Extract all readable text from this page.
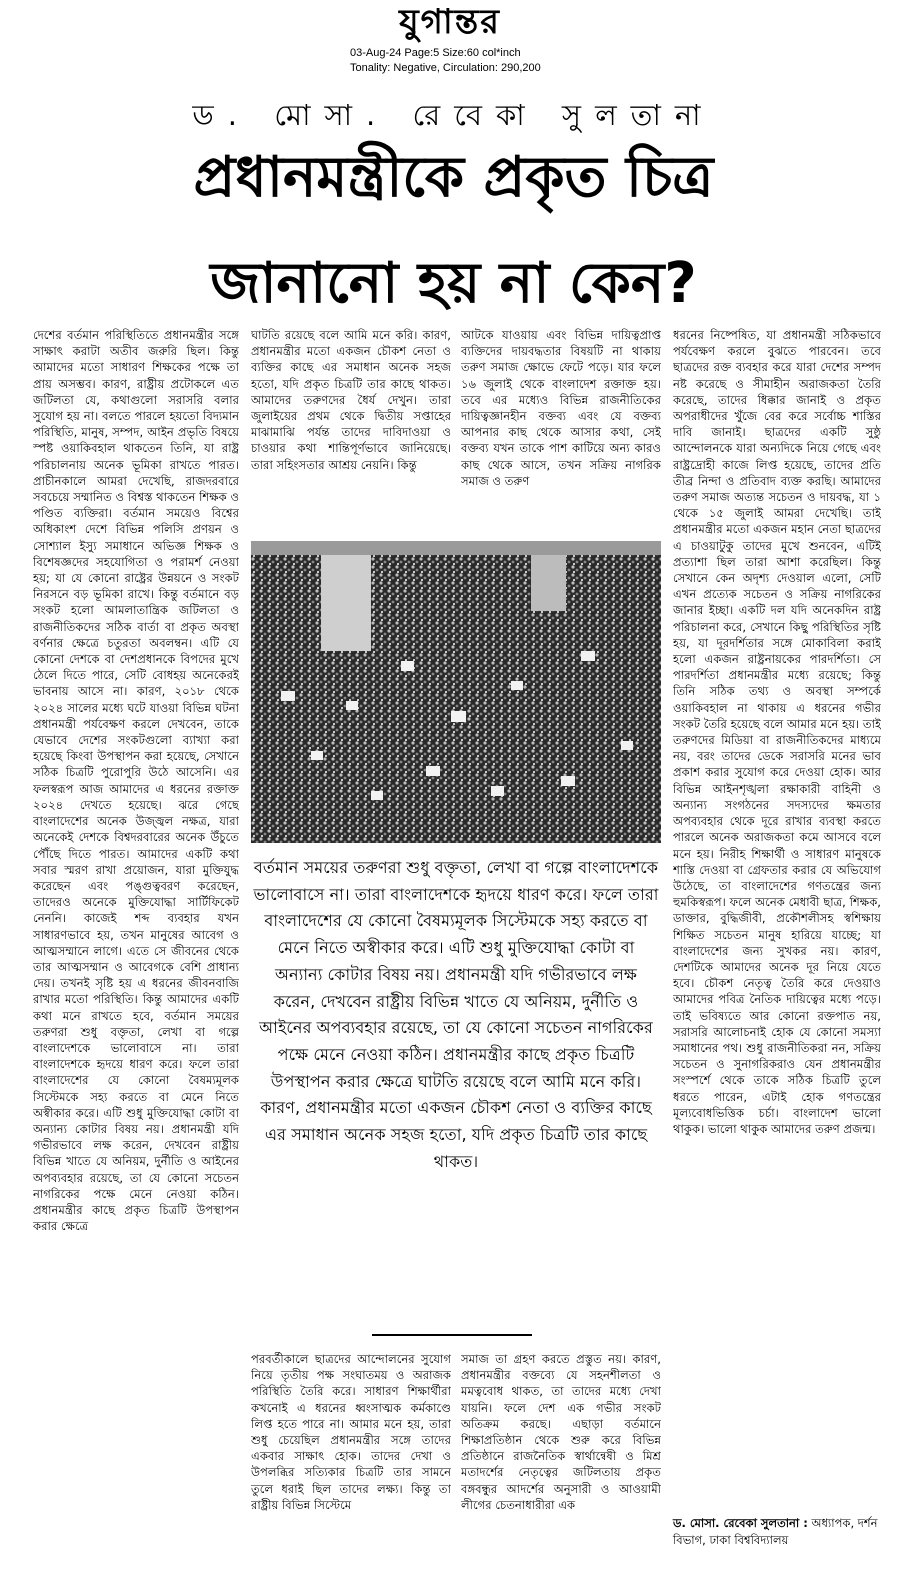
যুগান্তর
03-Aug-24 Page:5 Size:60 col*inch
Tonality: Negative, Circulation: 290,200
ড. মোসা. রেবেকা সুলতানা
প্রধানমন্ত্রীকে প্রকৃত চিত্র
জানানো হয় না কেন?

দেশের বর্তমান পরিস্থিতিতে প্রধানমন্ত্রীর সঙ্গে সাক্ষাৎ করাটা অতীব জরুরি ছিল। কিন্তু আমাদের মতো সাধারণ শিক্ষকের পক্ষে তা প্রায় অসম্ভব। কারণ, রাষ্ট্রীয় প্রটোকলে এত জটিলতা যে, কথাগুলো সরাসরি বলার সুযোগ হয় না। বলতে পারলে হয়তো বিদ্যমান পরিস্থিতি, মানুষ, সম্পদ, আইন প্রভৃতি বিষয়ে স্পষ্ট ওয়াকিবহাল থাকতেন তিনি, যা রাষ্ট্র পরিচালনায় অনেক ভূমিকা রাখতে পারত। প্রাচীনকালে আমরা দেখেছি, রাজদরবারে সবচেয়ে সম্মানিত ও বিশ্বস্ত থাকতেন শিক্ষক ও পণ্ডিত ব্যক্তিরা। বর্তমান সময়েও বিশ্বের অধিকাংশ দেশে বিভিন্ন পলিসি প্রণয়ন ও সোশ্যাল ইস্যু সমাধানে অভিজ্ঞ শিক্ষক ও বিশেষজ্ঞদের সহযোগিতা ও পরামর্শ নেওয়া হয়; যা যে কোনো রাষ্ট্রের উন্নয়নে ও সংকট নিরসনে বড় ভূমিকা রাখে। কিন্তু বর্তমানে বড় সংকট হলো আমলাতান্ত্রিক জটিলতা ও রাজনীতিকদের সঠিক বার্তা বা প্রকৃত অবস্থা বর্ণনার ক্ষেত্রে চতুরতা অবলম্বন। এটি যে কোনো দেশকে বা দেশপ্রধানকে বিপদের মুখে ঠেলে দিতে পারে, সেটি বোধহয় অনেকেরই ভাবনায় আসে না। কারণ, ২০১৮ থেকে ২০২৪ সালের মধ্যে ঘটে যাওয়া বিভিন্ন ঘটনা প্রধানমন্ত্রী পর্যবেক্ষণ করলে দেখবেন, তাকে যেভাবে দেশের সংকটগুলো ব্যাখ্যা করা হয়েছে কিংবা উপস্থাপন করা হয়েছে, সেখানে সঠিক চিত্রটি পুরোপুরি উঠে আসেনি। এর ফলস্বরূপ আজ আমাদের এ ধরনের রক্তাক্ত ২০২৪ দেখতে হয়েছে। ঝরে গেছে বাংলাদেশের অনেক উজ্জ্বল নক্ষত্র, যারা অনেকেই দেশকে বিশ্বদরবারের অনেক উঁচুতে পৌঁছে দিতে পারত। আমাদের একটি কথা সবার স্মরণ রাখা প্রয়োজন, যারা মুক্তিযুদ্ধ করেছেন এবং পঙ্গুত্ববরণ করেছেন, তাদেরও অনেকে মুক্তিযোদ্ধা সার্টিফিকেট নেননি। কাজেই শব্দ ব্যবহার যখন সাধারণভাবে হয়, তখন মানুষের আবেগ ও আত্মসম্মানে লাগে। এতে সে জীবনের থেকে তার আত্মসম্মান ও আবেগকে বেশি প্রাধান্য দেয়। তখনই সৃষ্টি হয় এ ধরনের জীবনবাজি রাখার মতো পরিস্থিতি। কিন্তু আমাদের একটি কথা মনে রাখতে হবে, বর্তমান সময়ের তরুণরা শুধু বক্তৃতা, লেখা বা গল্পে বাংলাদেশকে ভালোবাসে না। তারা বাংলাদেশকে হৃদয়ে ধারণ করে। ফলে তারা বাংলাদেশের যে কোনো বৈষম্যমূলক সিস্টেমকে সহ্য করতে বা মেনে নিতে অস্বীকার করে। এটি শুধু মুক্তিযোদ্ধা কোটা বা অন্যান্য কোটার বিষয় নয়। প্রধানমন্ত্রী যদি গভীরভাবে লক্ষ করেন, দেখবেন রাষ্ট্রীয় বিভিন্ন খাতে যে অনিয়ম, দুর্নীতি ও আইনের অপব্যবহার রয়েছে, তা যে কোনো সচেতন নাগরিকের পক্ষে মেনে নেওয়া কঠিন। প্রধানমন্ত্রীর কাছে প্রকৃত চিত্রটি উপস্থাপন করার ক্ষেত্রে

ঘাটতি রয়েছে বলে আমি মনে করি। কারণ, প্রধানমন্ত্রীর মতো একজন চৌকশ নেতা ও ব্যক্তির কাছে এর সমাধান অনেক সহজ হতো, যদি প্রকৃত চিত্রটি তার কাছে থাকত। আমাদের তরুণদের ধৈর্য দেখুন। তারা জুলাইয়ের প্রথম থেকে দ্বিতীয় সপ্তাহের মাঝামাঝি পর্যন্ত তাদের দাবিদাওয়া ও চাওয়ার কথা শান্তিপূর্ণভাবে জানিয়েছে। তারা সহিংসতার আশ্রয় নেয়নি। কিন্তু

আটকে যাওয়ায় এবং বিভিন্ন দায়িত্বপ্রাপ্ত ব্যক্তিদের দায়বদ্ধতার বিষয়টি না থাকায় তরুণ সমাজ ক্ষোভে ফেটে পড়ে। যার ফলে ১৬ জুলাই থেকে বাংলাদেশ রক্তাক্ত হয়। তবে এর মধ্যেও বিভিন্ন রাজনীতিকের দায়িত্বজ্ঞানহীন বক্তব্য এবং যে বক্তব্য আপনার কাছ থেকে আসার কথা, সেই বক্তব্য যখন তাকে পাশ কাটিয়ে অন্য কারও কাছ থেকে আসে, তখন সক্রিয় নাগরিক সমাজ ও তরুণ

ধরনের নিষ্পেষিত, যা প্রধানমন্ত্রী সঠিকভাবে পর্যবেক্ষণ করলে বুঝতে পারবেন। তবে ছাত্রদের রক্ত ব্যবহার করে যারা দেশের সম্পদ নষ্ট করেছে ও সীমাহীন অরাজকতা তৈরি করেছে, তাদের ধিক্কার জানাই ও প্রকৃত অপরাধীদের খুঁজে বের করে সর্বোচ্চ শাস্তির দাবি জানাই। ছাত্রদের একটি সুষ্ঠু আন্দোলনকে যারা অন্যদিকে নিয়ে গেছে এবং রাষ্ট্রদ্রোহী কাজে লিপ্ত হয়েছে, তাদের প্রতি তীব্র নিন্দা ও প্রতিবাদ ব্যক্ত করছি। আমাদের তরুণ সমাজ অত্যন্ত সচেতন ও দায়বদ্ধ, যা ১ থেকে ১৫ জুলাই আমরা দেখেছি। তাই প্রধানমন্ত্রীর মতো একজন মহান নেতা ছাত্রদের এ চাওয়াটুকু তাদের মুখে শুনবেন, এটিই প্রত্যাশা ছিল তারা আশা করেছিল। কিন্তু সেখানে কেন অদৃশ্য দেওয়াল এলো, সেটি এখন প্রত্যেক সচেতন ও সক্রিয় নাগরিকের জানার ইচ্ছা। একটি দল যদি অনেকদিন রাষ্ট্র পরিচালনা করে, সেখানে কিছু পরিস্থিতির সৃষ্টি হয়, যা দূরদর্শিতার সঙ্গে মোকাবিলা করাই হলো একজন রাষ্ট্রনায়কের পারদর্শিতা। সে পারদর্শিতা প্রধানমন্ত্রীর মধ্যে রয়েছে; কিন্তু তিনি সঠিক তথ্য ও অবস্থা সম্পর্কে ওয়াকিবহাল না থাকায় এ ধরনের গভীর সংকট তৈরি হয়েছে বলে আমার মনে হয়। তাই তরুণদের মিডিয়া বা রাজনীতিকদের মাধ্যমে নয়, বরং তাদের ডেকে সরাসরি মনের ভাব প্রকাশ করার সুযোগ করে দেওয়া হোক। আর বিভিন্ন আইনশৃঙ্খলা রক্ষাকারী বাহিনী ও অন্যান্য সংগঠনের সদস্যদের ক্ষমতার অপব্যবহার থেকে দূরে রাখার ব্যবস্থা করতে পারলে অনেক অরাজকতা কমে আসবে বলে মনে হয়। নিরীহ শিক্ষার্থী ও সাধারণ মানুষকে শাস্তি দেওয়া বা গ্রেফতার করার যে অভিযোগ উঠেছে, তা বাংলাদেশের গণতন্ত্রের জন্য হুমকিস্বরূপ। ফলে অনেক মেধাবী ছাত্র, শিক্ষক, ডাক্তার, বুদ্ধিজীবী, প্রকৌশলীসহ স্বশিক্ষায় শিক্ষিত সচেতন মানুষ হারিয়ে যাচ্ছে; যা বাংলাদেশের জন্য সুখকর নয়। কারণ, দেশটিকে আমাদের অনেক দূর নিয়ে যেতে হবে। চৌকশ নেতৃত্ব তৈরি করে দেওয়াও আমাদের পবিত্র নৈতিক দায়িত্বের মধ্যে পড়ে। তাই ভবিষ্যতে আর কোনো রক্তপাত নয়, সরাসরি আলোচনাই হোক যে কোনো সমস্যা সমাধানের পথ। শুধু রাজনীতিকরা নন, সক্রিয় সচেতন ও সুনাগরিকরাও যেন প্রধানমন্ত্রীর সংস্পর্শে থেকে তাকে সঠিক চিত্রটি তুলে ধরতে পারেন, এটাই হোক গণতন্ত্রের মূল্যবোধভিত্তিক চর্চা। বাংলাদেশ ভালো থাকুক। ভালো থাকুক আমাদের তরুণ প্রজন্ম।

বর্তমান সময়ের তরুণরা শুধু বক্তৃতা, লেখা বা গল্পে বাংলাদেশকে ভালোবাসে না। তারা বাংলাদেশকে হৃদয়ে ধারণ করে। ফলে তারা বাংলাদেশের যে কোনো বৈষম্যমূলক সিস্টেমকে সহ্য করতে বা মেনে নিতে অস্বীকার করে। এটি শুধু মুক্তিযোদ্ধা কোটা বা অন্যান্য কোটার বিষয় নয়। প্রধানমন্ত্রী যদি গভীরভাবে লক্ষ করেন, দেখবেন রাষ্ট্রীয় বিভিন্ন খাতে যে অনিয়ম, দুর্নীতি ও আইনের অপব্যবহার রয়েছে, তা যে কোনো সচেতন নাগরিকের পক্ষে মেনে নেওয়া কঠিন। প্রধানমন্ত্রীর কাছে প্রকৃত চিত্রটি উপস্থাপন করার ক্ষেত্রে ঘাটতি রয়েছে বলে আমি মনে করি। কারণ, প্রধানমন্ত্রীর মতো একজন চৌকশ নেতা ও ব্যক্তির কাছে এর সমাধান অনেক সহজ হতো, যদি প্রকৃত চিত্রটি তার কাছে থাকত।

পরবর্তীকালে ছাত্রদের আন্দোলনের সুযোগ নিয়ে তৃতীয় পক্ষ সংঘাতময় ও অরাজক পরিস্থিতি তৈরি করে। সাধারণ শিক্ষার্থীরা কখনোই এ ধরনের ধ্বংসাত্মক কর্মকাণ্ডে লিপ্ত হতে পারে না। আমার মনে হয়, তারা শুধু চেয়েছিল প্রধানমন্ত্রীর সঙ্গে তাদের একবার সাক্ষাৎ হোক। তাদের দেখা ও উপলব্ধির সত্যিকার চিত্রটি তার সামনে তুলে ধরাই ছিল তাদের লক্ষ্য। কিন্তু তা রাষ্ট্রীয় বিভিন্ন সিস্টেমে

সমাজ তা গ্রহণ করতে প্রস্তুত নয়। কারণ, প্রধানমন্ত্রীর বক্তব্যে যে সহনশীলতা ও মমত্ববোধ থাকত, তা তাদের মধ্যে দেখা যায়নি। ফলে দেশ এক গভীর সংকট অতিক্রম করছে। এছাড়া বর্তমানে শিক্ষাপ্রতিষ্ঠান থেকে শুরু করে বিভিন্ন প্রতিষ্ঠানে রাজনৈতিক স্বার্থান্বেষী ও মিশ্র মতাদর্শের নেতৃত্বের জটিলতায় প্রকৃত বঙ্গবন্ধুর আদর্শের অনুসারী ও আওয়ামী লীগের চেতনাধারীরা এক

ড. মোসা. রেবেকা সুলতানা : অধ্যাপক, দর্শন বিভাগ, ঢাকা বিশ্ববিদ্যালয়
